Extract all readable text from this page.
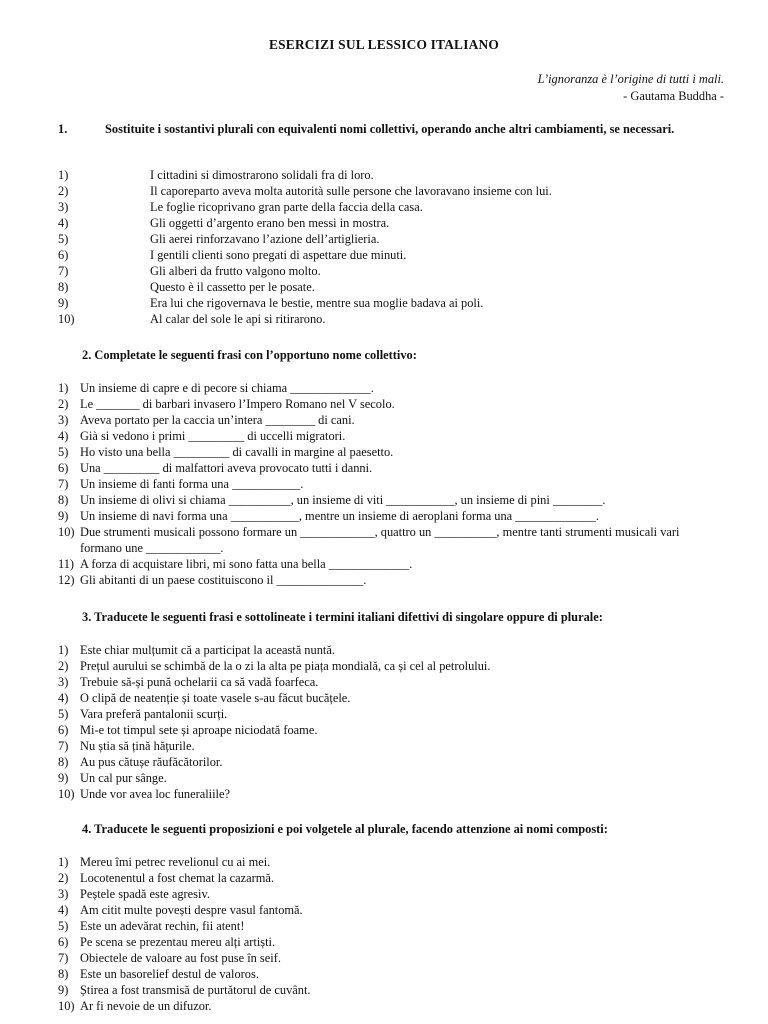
ESERCIZI SUL LESSICO ITALIANO
L’ignoranza è l’origine di tutti i mali.
- Gautama Buddha -
1.	Sostituite i sostantivi plurali con equivalenti nomi collettivi, operando anche altri cambiamenti, se necessari.
1)	I cittadini si dimostrarono solidali fra di loro.
2)	Il caporeparto aveva molta autorità sulle persone che lavoravano insieme con lui.
3)	Le foglie ricoprivano gran parte della faccia della casa.
4)	Gli oggetti d’argento erano ben messi in mostra.
5)	Gli aerei rinforzavano l’azione dell’artiglieria.
6)	I gentili clienti sono pregati di aspettare due minuti.
7)	Gli alberi da frutto valgono molto.
8)	Questo è il cassetto per le posate.
9)	Era lui che rigovernava le bestie, mentre sua moglie badava ai poli.
10)	Al calar del sole le api si ritirarono.
2. Completate le seguenti frasi con l’opportuno nome collettivo:
1) Un insieme di capre e di pecore si chiama _____________.
2) Le _______ di barbari invasero l’Impero Romano nel V secolo.
3) Aveva portato per la caccia un’intera ________ di cani.
4) Già si vedono i primi _________ di uccelli migratori.
5) Ho visto una bella _________ di cavalli in margine al paesetto.
6) Una _________ di malfattori aveva provocato tutti i danni.
7) Un insieme di fanti forma una ___________.
8) Un insieme di olivi si chiama __________, un insieme di viti ___________, un insieme di pini ________.
9) Un insieme di navi forma una ___________, mentre un insieme di aeroplani forma una _____________.
10) Due strumenti musicali possono formare un ____________, quattro un __________, mentre tanti strumenti musicali vari formano une ____________.
11) A forza di acquistare libri, mi sono fatta una bella _____________.
12) Gli abitanti di un paese costituiscono il ______________.
3. Traducete le seguenti frasi e sottolineate i termini italiani difettivi di singolare oppure di plurale:
1) Este chiar mulțumit că a participat la această nuntă.
2) Prețul aurului se schimbă de la o zi la alta pe piața mondială, ca și cel al petrolului.
3) Trebuie să-și pună ochelarii ca să vadă foarfeca.
4) O clipă de neatenție și toate vasele s-au făcut bucățele.
5) Vara preferă pantalonii scurți.
6) Mi-e tot timpul sete și aproape niciodată foame.
7) Nu știa să țină hățurile.
8) Au pus cătușe răufăcătorilor.
9) Un cal pur sânge.
10) Unde vor avea loc funeraliile?
4. Traducete le seguenti proposizioni e poi volgetele al plurale, facendo attenzione ai nomi composti:
1) Mereu îmi petrec revelionul cu ai mei.
2) Locotenentul a fost chemat la cazarmă.
3) Peștele spadă este agresiv.
4) Am citit multe povești despre vasul fantomă.
5) Este un adevărat rechin, fii atent!
6) Pe scena se prezentau mereu alți artiști.
7) Obiectele de valoare au fost puse în seif.
8) Este un basorelief destul de valoros.
9) Știrea a fost transmisă de purtătorul de cuvânt.
10) Ar fi nevoie de un difuzor.
